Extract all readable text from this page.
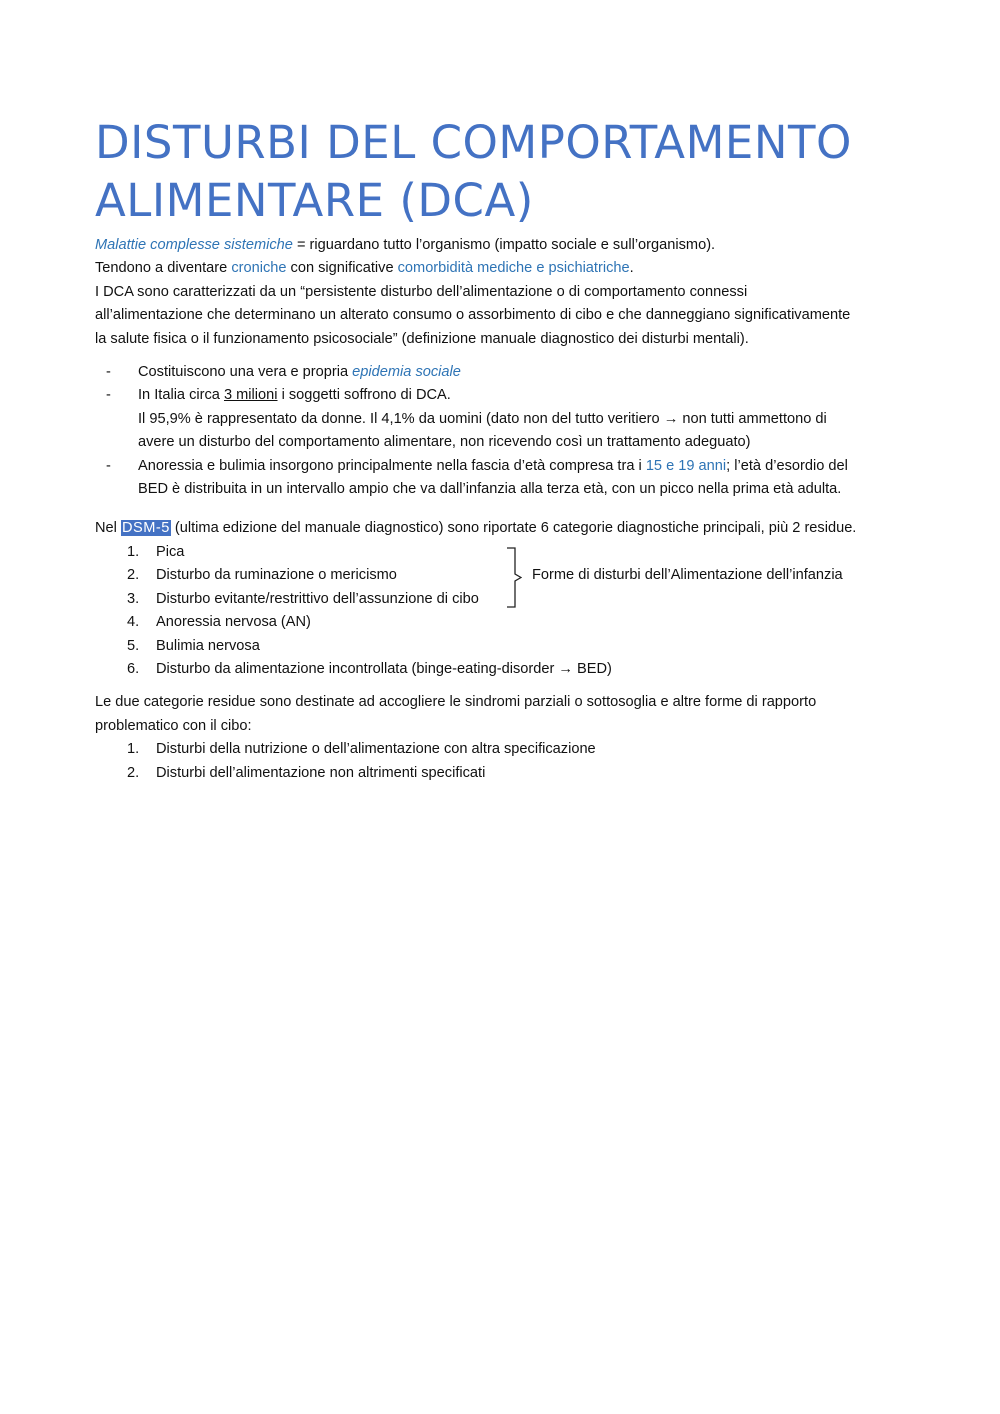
DISTURBI DEL COMPORTAMENTO
ALIMENTARE (DCA)

Malattie complesse sistemiche = riguardano tutto l’organismo (impatto sociale e sull’organismo).

Tendono a diventare croniche con significative comorbidità mediche e psichiatriche.

I DCA sono caratterizzati da un “persistente disturbo dell’alimentazione o di comportamento connessi
all’alimentazione che determinano un alterato consumo o assorbimento di cibo e che danneggiano significativamente
la salute fisica o il funzionamento psicosociale” (definizione manuale diagnostico dei disturbi mentali).

- Costituiscono una vera e propria epidemia sociale
- In Italia circa 3 milioni i soggetti soffrono di DCA.
Il 95,9% è rappresentato da donne. Il 4,1% da uomini (dato non del tutto veritiero → non tutti ammettono di
avere un disturbo del comportamento alimentare, non ricevendo così un trattamento adeguato)
- Anoressia e bulimia insorgono principalmente nella fascia d’età compresa tra i 15 e 19 anni; l’età d’esordio del
BED è distribuita in un intervallo ampio che va dall’infanzia alla terza età, con un picco nella prima età adulta.

Nel DSM-5 (ultima edizione del manuale diagnostico) sono riportate 6 categorie diagnostiche principali, più 2 residue.

1. Pica
2. Disturbo da ruminazione o mericismo
3. Disturbo evitante/restrittivo dell’assunzione di cibo
4. Anoressia nervosa (AN)
5. Bulimia nervosa
6. Disturbo da alimentazione incontrollata (binge-eating-disorder → BED)
Forme di disturbi dell’Alimentazione dell’infanzia

Le due categorie residue sono destinate ad accogliere le sindromi parziali o sottosoglia e altre forme di rapporto
problematico con il cibo:

1. Disturbi della nutrizione o dell’alimentazione con altra specificazione
2. Disturbi dell’alimentazione non altrimenti specificati
